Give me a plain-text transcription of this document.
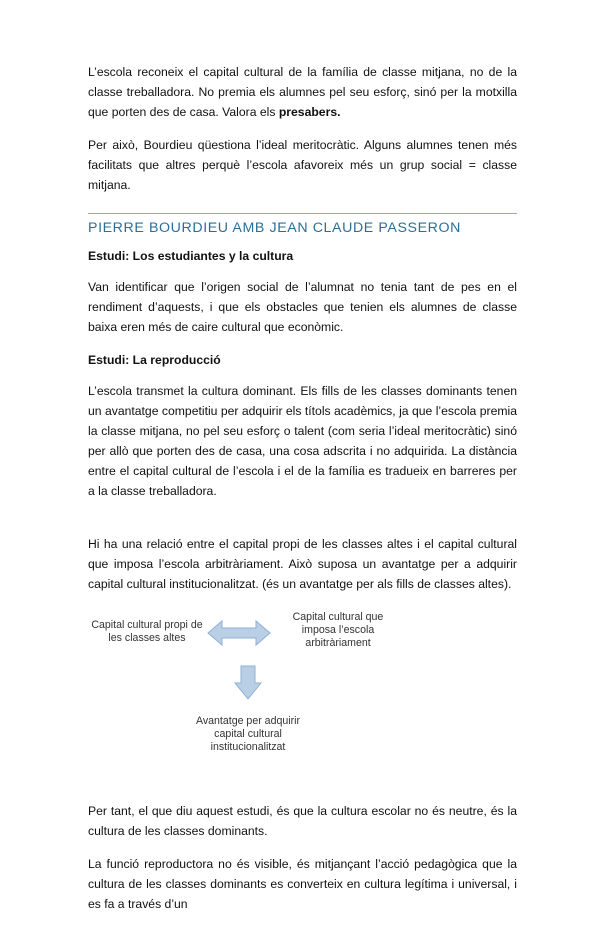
L’escola reconeix el capital cultural de la família de classe mitjana, no de la classe treballadora. No premia els alumnes pel seu esforç, sinó per la motxilla que porten des de casa. Valora els presabers.

Per això, Bourdieu qüestiona l’ideal meritocràtic. Alguns alumnes tenen més facilitats que altres perquè l’escola afavoreix més un grup social = classe mitjana.

PIERRE BOURDIEU AMB JEAN CLAUDE PASSERON

Estudi: Los estudiantes y la cultura

Van identificar que l’origen social de l’alumnat no tenia tant de pes en el rendiment d’aquests, i que els obstacles que tenien els alumnes de classe baixa eren més de caire cultural que econòmic.

Estudi: La reproducció

L’escola transmet la cultura dominant. Els fills de les classes dominants tenen un avantatge competitiu per adquirir els títols acadèmics, ja que l’escola premia la classe mitjana, no pel seu esforç o talent (com seria l’ideal meritocràtic) sinó per allò que porten des de casa, una cosa adscrita i no adquirida. La distància entre el capital cultural de l’escola i el de la família es tradueix en barreres per a la classe treballadora.

Hi ha una relació entre el capital propi de les classes altes i el capital cultural que imposa l’escola arbitràriament. Això suposa un avantatge per a adquirir capital cultural institucionalitzat. (és un avantatge per als fills de classes altes).

Capital cultural propi de les classes altes
Capital cultural que imposa l’escola arbitràriament
Avantatge per adquirir capital cultural institucionalitzat

Per tant, el que diu aquest estudi, és que la cultura escolar no és neutre, és la cultura de les classes dominants.

La funció reproductora no és visible, és mitjançant l’acció pedagògica que la cultura de les classes dominants es converteix en cultura legítima i universal, i es fa a través d’un
